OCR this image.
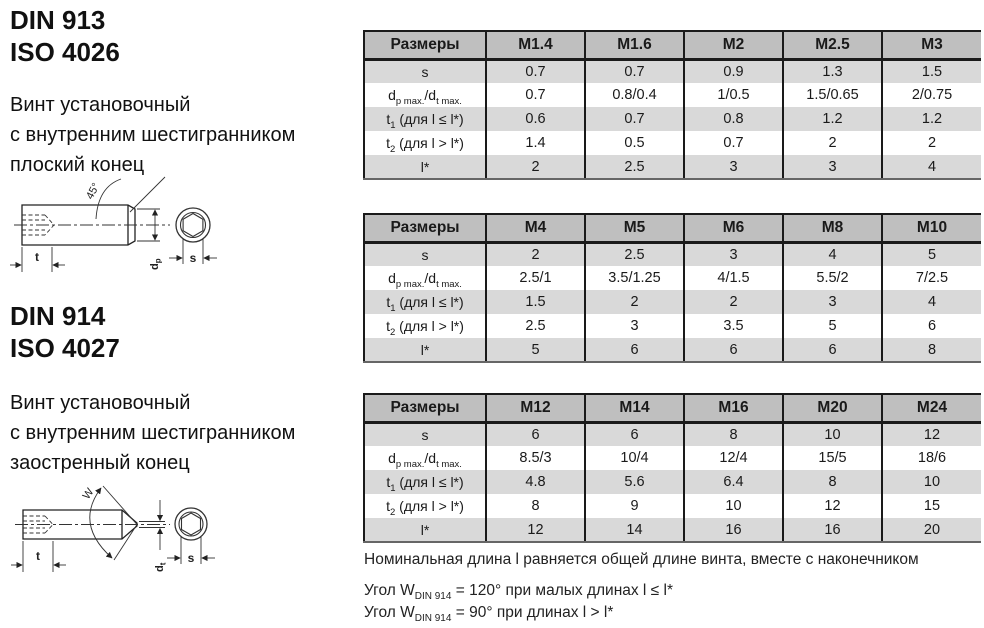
DIN 913
ISO 4026
Винт установочный
с внутренним шестигранником
плоский конец
45°
t
$d_p$ s
DIN 914
ISO 4027
Винт установочный
с внутренним шестигранником
заостренный конец
W
t
$d_t$ s
Размеры	M1.4	M1.6	M2	M2.5	M3
s	0.7	0.7	0.9	1.3	1.5
$d_{p max.}/d_{t max.}$	0.7	0.8/0.4	1/0.5	1.5/0.65	2/0.75
$t_1$ (для l ≤ l*)	0.6	0.7	0.8	1.2	1.2
$t_2$ (для l > l*)	1.4	0.5	0.7	2	2
l*	2	2.5	3	3	4
Размеры	M4	M5	M6	M8	M10
s	2	2.5	3	4	5
$d_{p max.}/d_{t max.}$	2.5/1	3.5/1.25	4/1.5	5.5/2	7/2.5
$t_1$ (для l ≤ l*)	1.5	2	2	3	4
$t_2$ (для l > l*)	2.5	3	3.5	5	6
l*	5	6	6	6	8
Размеры	M12	M14	M16	M20	M24
s	6	6	8	10	12
$d_{p max.}/d_{t max.}$	8.5/3	10/4	12/4	15/5	18/6
$t_1$ (для l ≤ l*)	4.8	5.6	6.4	8	10
$t_2$ (для l > l*)	8	9	10	12	15
l*	12	14	16	16	20
Номинальная длина l равняется общей длине винта, вместе с наконечником
Угол $W_{DIN 914} = 120^\circ$ при малых длинах l ≤ l*
Угол $W_{DIN 914} = 90^\circ$ при длинах l > l*
